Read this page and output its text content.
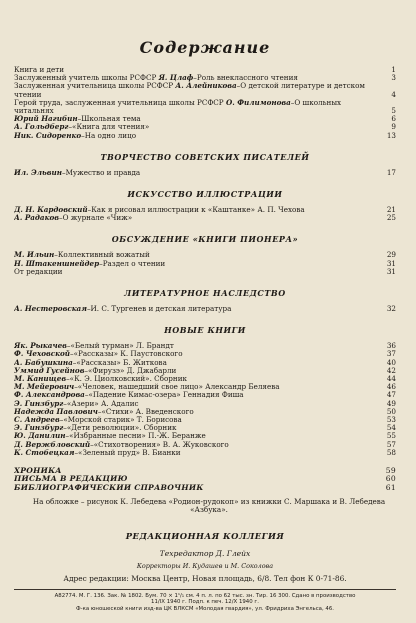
Содержание
Книга и дети	1
Заслуженный учитель школы РСФСР Я. Цлаф–Роль внеклассного чтения	3
Заслуженная учительница школы РСФСР А. Алейникова–О детской литературе и детском чтении	4
Герой труда, заслуженная учительница школы РСФСР О. Филимонова–О школьных читальнях	5
Юрий Нагибин–Школьная тема	6
А. Гольдберг–«Книга для чтения»	9
Ник. Сидоренко–На одно лицо	13
ТВОРЧЕСТВО СОВЕТСКИХ ПИСАТЕЛЕЙ
Ил. Эльвин–Мужество и правда	17
ИСКУССТВО ИЛЛЮСТРАЦИИ
Д. Н. Кардовский–Как я рисовал иллюстрации к «Каштанке» А. П. Чехова	21
А. Радаков–О журнале «Чиж»	25
ОБСУЖДЕНИЕ «КНИГИ ПИОНЕРА»
М. Ильин–Коллективный вожатый	29
Н. Штакеншнейдер–Раздел о чтении	31
От редакции	31
ЛИТЕРАТУРНОЕ НАСЛЕДСТВО
А. Нестеровская–И. С. Тургенев и детская литература	32
НОВЫЕ КНИГИ
Як. Рыкачев–«Белый турман» Л. Брандт	36
Ф. Чеховской–«Рассказы» К. Паустовского	37
А. Бабушкина–«Рассказы» Б. Житкова	40
Уммид Гусейнов–«Фирузэ» Д. Джабарли	42
М. Канищев–«К. Э. Циолковский». Сборник	44
М. Мейерович–«Человек, нашедший свое лицо» Александр Беляева	46
Ф. Александрова–«Падение Кимас-озера» Геннадия Фиша	47
Э. Гинзбург–«Азери» А. Адалис	49
Надежда Павлович–«Стихи» А. Введенского	50
С. Андреев–«Морской старик» Т. Борисова	53
Э. Гинзбург–«Дети революции». Сборник	54
Ю. Данилин–«Избранные песни» П.-Ж. Беранже	55
Д. Вержбловский–«Стихотворения» В. А. Жуковского	57
К. Стобецкая–«Зеленый пруд» В. Бианки	58
ХРОНИКА	59
ПИСЬМА В РЕДАКЦИЮ	60
БИБЛИОГРАФИЧЕСКИЙ СПРАВОЧНИК	61
На обложке – рисунок К. Лебедева «Родион-рудокоп» из книжки С. Маршака и В. Лебедева «Азбука».
РЕДАКЦИОННАЯ КОЛЛЕГИЯ
Техредактор Д. Глейх
Корректоры И. Кудашев и М. Соколова
Адрес редакции: Москва Центр, Новая площадь, 6/8. Тел фон К 0-71-86.
А82774. М. Г. 136. Зак. № 1802. Бум. 70 × 1¹/₁ см. 4 п. л. по 62 тыс. зн. Тир. 16 300. Сдано в производство
11/IX 1940 г. Подп. к печ. 12/X 1940 г.
Ф-ка юношеской книги изд-ва ЦК ВЛКСМ «Молодая гвардия», ул. Фридриха Энгельса, 46.
